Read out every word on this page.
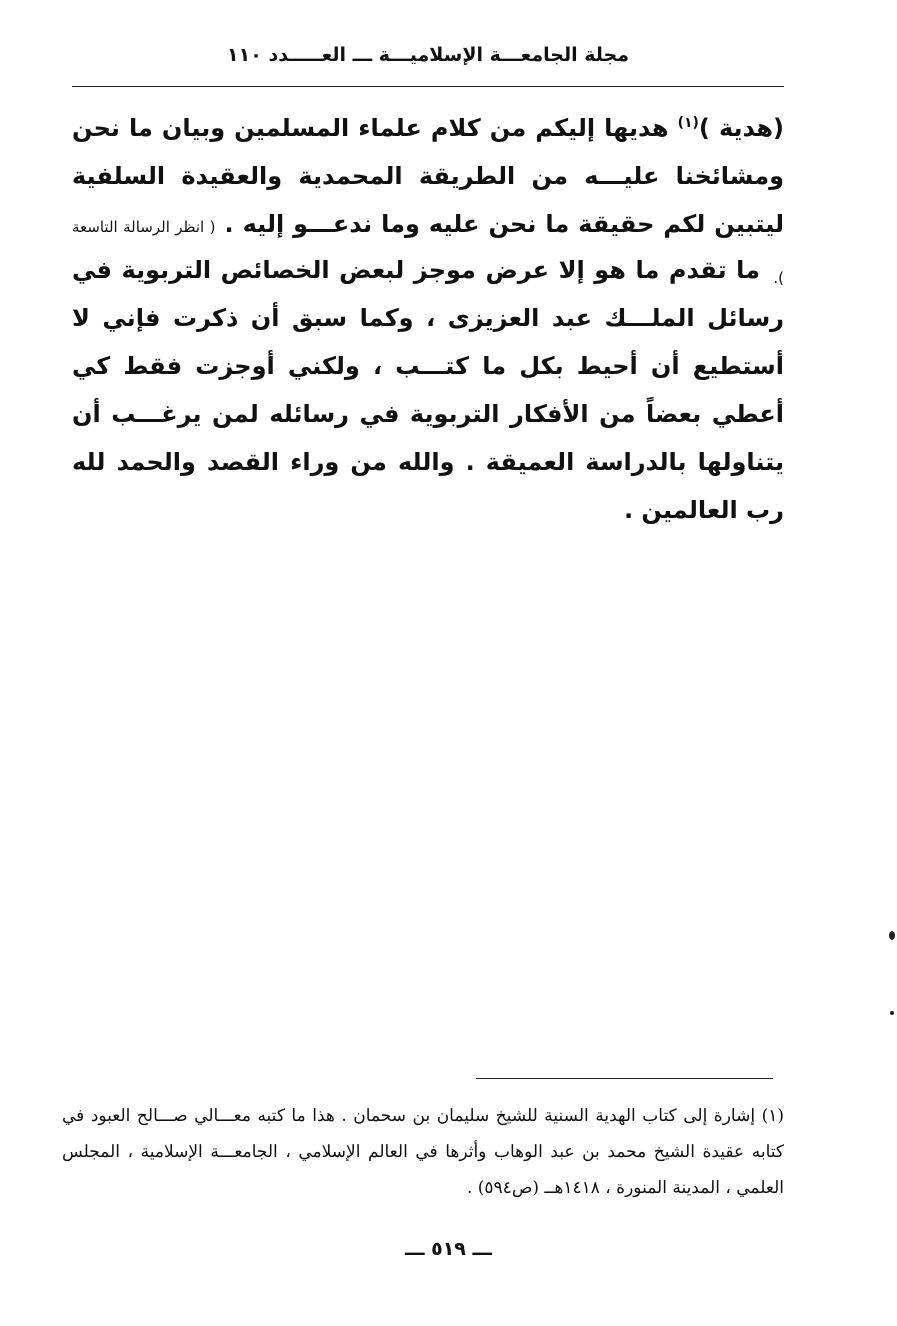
مجلة الجامعـــة الإسلاميـــة ـــ العـــــدد ١١٠

(هدية )$^{(١)}$ هديها إليكم من كلام علماء المسلمين وبيان ما نحن ومشائخنا عليـــه من الطريقة المحمدية والعقيدة السلفية ليتبين لكم حقيقة ما نحن عليه وما ندعـــو إليه . ( انظر الرسالة التاسعة ).

ما تقدم ما هو إلا عرض موجز لبعض الخصائص التربوية في رسائل الملـــك عبد العزيزى ، وكما سبق أن ذكرت فإني لا أستطيع أن أحيط بكل ما كتـــب ، ولكني أوجزت فقط كي أعطي بعضاً من الأفكار التربوية في رسائله لمن يرغـــب أن يتناولها بالدراسة العميقة . والله من وراء القصد والحمد لله رب العالمين .

(١) إشارة إلى كتاب الهدية السنية للشيخ سليمان بن سحمان . هذا ما كتبه معـــالي صـــالح العبود في كتابه عقيدة الشيخ محمد بن عبد الوهاب وأثرها في العالم الإسلامي ، الجامعـــة الإسلامية ، المجلس العلمي ، المدينة المنورة ، ١٤١٨هــ (ص٥٩٤) .

ـــ ٥١٩ ـــ
